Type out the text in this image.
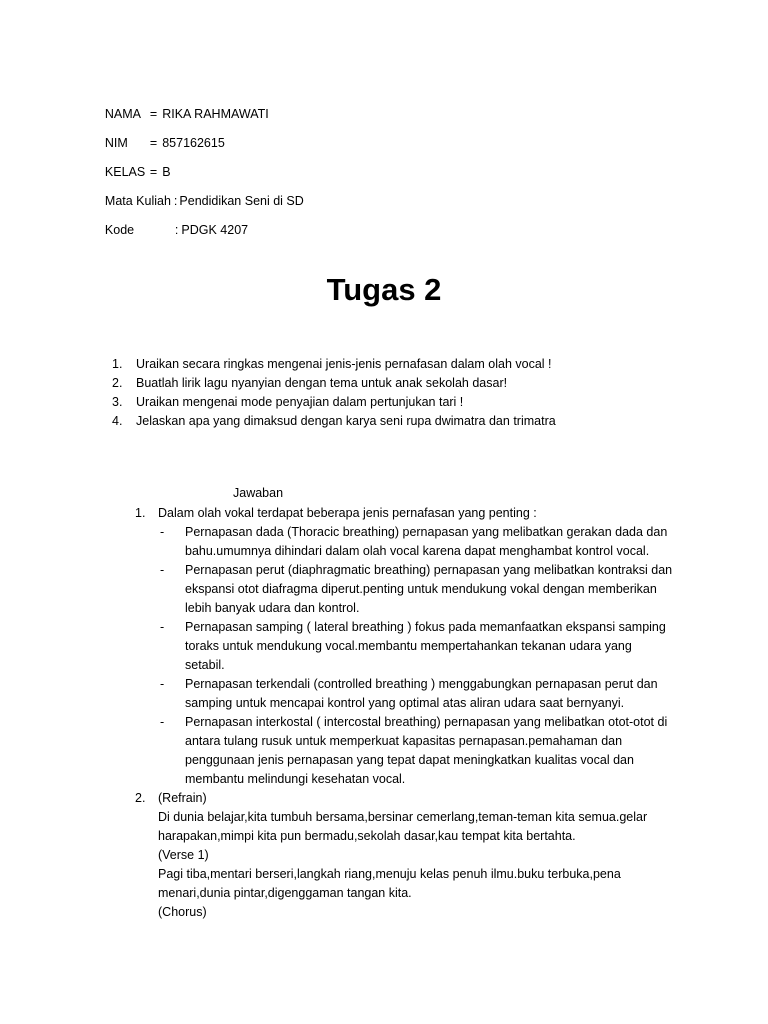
NAMA = RIKA RAHMAWATI

NIM = 857162615

KELAS = B

Mata Kuliah : Pendidikan Seni di SD

Kode	: PDGK 4207

Tugas 2
1.	Uraikan secara ringkas mengenai jenis-jenis pernafasan dalam olah vocal !
2.	Buatlah lirik lagu nyanyian dengan tema untuk anak sekolah dasar!
3.	Uraikan mengenai mode penyajian dalam pertunjukan tari !
4.	Jelaskan apa yang dimaksud dengan karya seni rupa dwimatra dan trimatra
Jawaban
1.	Dalam olah vokal terdapat beberapa jenis pernafasan yang penting :
-	Pernapasan dada (Thoracic breathing) pernapasan yang melibatkan gerakan dada dan
bahu.umumnya dihindari dalam olah vocal karena dapat menghambat kontrol vocal.
-	Pernapasan perut (diaphragmatic breathing) pernapasan yang melibatkan kontraksi dan
ekspansi otot diafragma diperut.penting untuk mendukung vokal dengan memberikan
lebih banyak udara dan kontrol.
-	Pernapasan samping ( lateral breathing ) fokus pada memanfaatkan ekspansi samping
toraks untuk mendukung vocal.membantu mempertahankan tekanan udara yang
setabil.
-	Pernapasan terkendali (controlled breathing ) menggabungkan pernapasan perut dan
samping untuk mencapai kontrol yang optimal atas aliran udara saat bernyanyi.
-	Pernapasan interkostal ( intercostal breathing) pernapasan yang melibatkan otot-otot di
antara tulang rusuk untuk memperkuat kapasitas pernapasan.pemahaman dan
penggunaan jenis pernapasan yang tepat dapat meningkatkan kualitas vocal dan
membantu melindungi kesehatan vocal.
2.	(Refrain)
Di dunia belajar,kita tumbuh bersama,bersinar cemerlang,teman-teman kita semua.gelar
harapakan,mimpi kita pun bermadu,sekolah dasar,kau tempat kita bertahta.
(Verse 1)
Pagi tiba,mentari berseri,langkah riang,menuju kelas penuh ilmu.buku terbuka,pena
menari,dunia pintar,digenggaman tangan kita.
(Chorus)
